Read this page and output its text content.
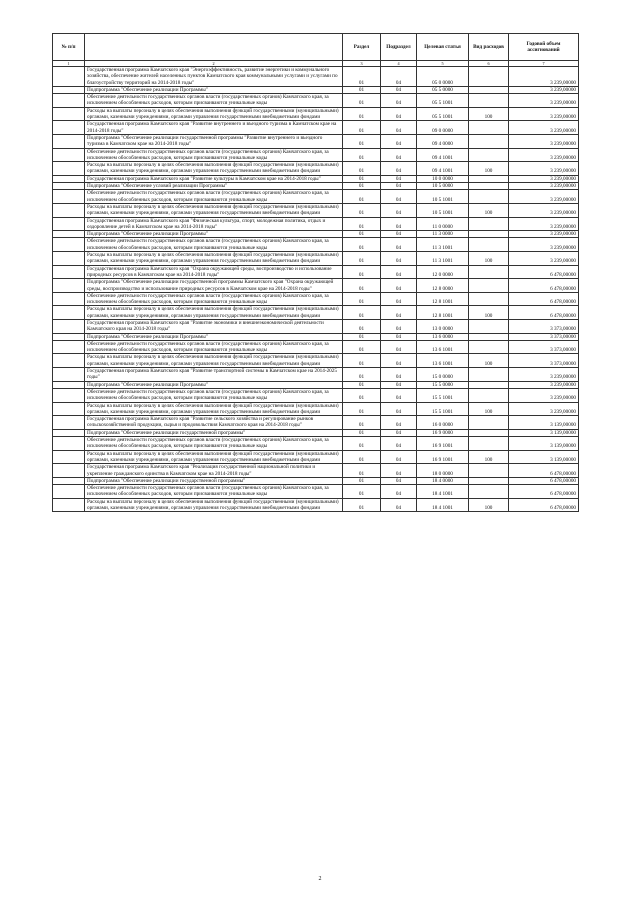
№ п/п		Раздел	Подраздел	Целевая статья	Вид расходов	Годовой объем ассигнований
1	2	3	4	5	6	7
	Государственная программа Камчатского края "Энергоэффективность, развитие энергетики и коммунального хозяйства, обеспечение жителей населенных пунктов Камчатского края коммунальными услугами и услугами по благоустройству территорий на 2014-2018 годы"	01	04	05 0 0000		3 239,00000
	Подпрограмма "Обеспечение реализации Программы"	01	04	05 5 0000		3 239,00000
	Обеспечение деятельности государственных органов власти (государственных органов) Камчатского края, за исключением обособленных расходов, которым присваиваются уникальные коды	01	04	05 5 1001		3 239,00000
	Расходы на выплаты персоналу в целях обеспечения выполнения функций государственными (муниципальными) органами, казенными учреждениями, органами управления государственными внебюджетными фондами	01	04	05 5 1001	100	3 239,00000
	Государственная программа Камчатского края "Развитие внутреннего и въездного туризма в Камчатском крае на 2014-2018 годы"	01	04	09 0 0000		3 239,00000
	Подпрограмма "Обеспечение реализации государственной программы "Развитие внутреннего и въездного туризма в Камчатском крае на 2014-2018 годы"	01	04	09 4 0000		3 239,00000
	Обеспечение деятельности государственных органов власти (государственных органов) Камчатского края, за исключением обособленных расходов, которым присваиваются уникальные коды	01	04	09 4 1001		3 239,00000
	Расходы на выплаты персоналу в целях обеспечения выполнения функций государственными (муниципальными) органами, казенными учреждениями, органами управления государственными внебюджетными фондами	01	04	09 4 1001	100	3 239,00000
	Государственная программа Камчатского края "Развитие культуры в Камчатском крае на 2014-2018 годы"	01	04	10 0 0000		3 239,00000
	Подпрограмма "Обеспечение условий реализации Программы"	01	04	10 5 0000		3 239,00000
	Обеспечение деятельности государственных органов власти (государственных органов) Камчатского края, за исключением обособленных расходов, которым присваиваются уникальные коды	01	04	10 5 1001		3 239,00000
	Расходы на выплаты персоналу в целях обеспечения выполнения функций государственными (муниципальными) органами, казенными учреждениями, органами управления государственными внебюджетными фондами	01	04	10 5 1001	100	3 239,00000
	Государственная программа Камчатского края "Физическая культура, спорт, молодежная политика, отдых и оздоровление детей в Камчатском крае на 2014-2018 годы"	01	04	11 0 0000		3 239,00000
	Подпрограмма "Обеспечение реализации Программы"	01	04	11 3 0000		3 239,00000
	Обеспечение деятельности государственных органов власти (государственных органов) Камчатского края, за исключением обособленных расходов, которым присваиваются уникальные коды	01	04	11 3 1001		3 239,00000
	Расходы на выплаты персоналу в целях обеспечения выполнения функций государственными (муниципальными) органами, казенными учреждениями, органами управления государственными внебюджетными фондами	01	04	11 3 1001	100	3 239,00000
	Государственная программа Камчатского края "Охрана окружающей среды, воспроизводство и использование природных ресурсов в Камчатском крае на 2014-2018 годы"	01	04	12 0 0000		6 478,00000
	Подпрограмма "Обеспечение реализации государственной программы Камчатского края "Охрана окружающей среды, воспроизводство и использование природных ресурсов в Камчатском крае на 2014-2018 годы"	01	04	12 8 0000		6 478,00000
	Обеспечение деятельности государственных органов власти (государственных органов) Камчатского края, за исключением обособленных расходов, которым присваиваются уникальные коды	01	04	12 8 1001		6 478,00000
	Расходы на выплаты персоналу в целях обеспечения выполнения функций государственными (муниципальными) органами, казенными учреждениями, органами управления государственными внебюджетными фондами	01	04	12 8 1001	100	6 478,00000
	Государственная программа Камчатского края "Развитие экономики и внешнеэкономической деятельности Камчатского края на 2014-2018 годы"	01	04	13 0 0000		3 373,00000
	Подпрограмма "Обеспечение реализации Программы"	01	04	13 6 0000		3 373,00000
	Обеспечение деятельности государственных органов власти (государственных органов) Камчатского края, за исключением обособленных расходов, которым присваиваются уникальные коды	01	04	13 6 1001		3 373,00000
	Расходы на выплаты персоналу в целях обеспечения выполнения функций государственными (муниципальными) органами, казенными учреждениями, органами управления государственными внебюджетными фондами	01	04	13 6 1001	100	3 373,00000
	Государственная программа Камчатского края "Развитие транспортной системы в Камчатском крае на 2014-2025 годы"	01	04	15 0 0000		3 239,00000
	Подпрограмма "Обеспечение реализации Программы"	01	04	15 5 0000		3 239,00000
	Обеспечение деятельности государственных органов власти (государственных органов) Камчатского края, за исключением обособленных расходов, которым присваиваются уникальные коды	01	04	15 5 1001		3 239,00000
	Расходы на выплаты персоналу в целях обеспечения выполнения функций государственными (муниципальными) органами, казенными учреждениями, органами управления государственными внебюджетными фондами	01	04	15 5 1001	100	3 239,00000
	Государственная программа Камчатского края "Развитие сельского хозяйства и регулирование рынков сельскохозяйственной продукции, сырья и продовольствия Камчатского края на 2014-2018 годы"	01	04	16 0 0000		3 139,00000
	Подпрограмма "Обеспечение реализации государственной программы"	01	04	16 9 0000		3 139,00000
	Обеспечение деятельности государственных органов власти (государственных органов) Камчатского края, за исключением обособленных расходов, которым присваиваются уникальные коды	01	04	16 9 1001		3 139,00000
	Расходы на выплаты персоналу в целях обеспечения выполнения функций государственными (муниципальными) органами, казенными учреждениями, органами управления государственными внебюджетными фондами	01	04	16 9 1001	100	3 139,00000
	Государственная программа Камчатского края "Реализация государственной национальной политики и укрепление гражданского единства в Камчатском крае на 2014-2018 годы"	01	04	18 0 0000		6 478,00000
	Подпрограмма "Обеспечение реализации государственной программы"	01	04	18 4 0000		6 478,00000
	Обеспечение деятельности государственных органов власти (государственных органов) Камчатского края, за исключением обособленных расходов, которым присваиваются уникальные коды	01	04	18 4 1001		6 478,00000
	Расходы на выплаты персоналу в целях обеспечения выполнения функций государственными (муниципальными) органами, казенными учреждениями, органами управления государственными внебюджетными фондами	01	04	18 4 1001	100	6 478,00000
2
